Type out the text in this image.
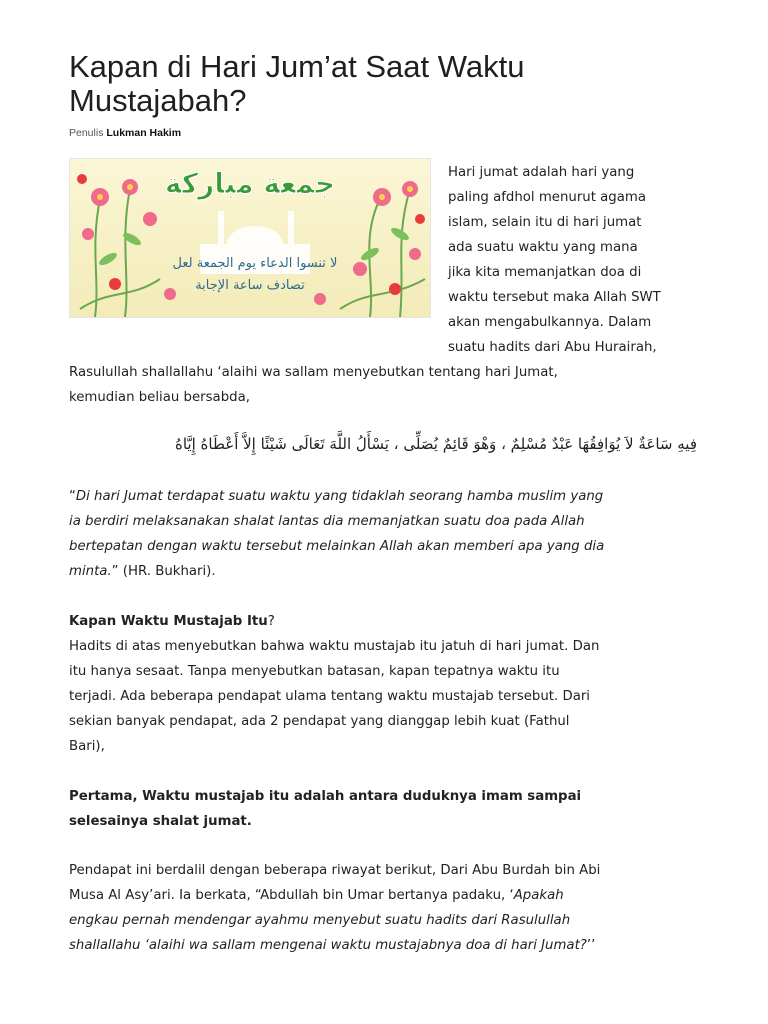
Kapan di Hari Jum’at Saat Waktu Mustajabah?
Penulis Lukman Hakim
جمعة مباركة
لا تنسوا الدعاء يوم الجمعة لعل
تصادف ساعة الإجابة
Hari jumat adalah hari yang
paling afdhol menurut agama
islam, selain itu di hari jumat
ada suatu waktu yang mana
jika kita memanjatkan doa di
waktu tersebut maka Allah SWT
akan mengabulkannya. Dalam
suatu hadits dari Abu Hurairah,
Rasulullah shallallahu ‘alaihi wa sallam menyebutkan tentang hari Jumat,
kemudian beliau bersabda,
فِيهِ سَاعَةٌ لاَ يُوَافِقُهَا عَبْدٌ مُسْلِمٌ ، وَهْوَ قَائِمٌ يُصَلِّى ، يَسْأَلُ اللَّهَ تَعَالَى شَيْئًا إِلاَّ أَعْطَاهُ إِيَّاهُ
“Di hari Jumat terdapat suatu waktu yang tidaklah seorang hamba muslim yang
ia berdiri melaksanakan shalat lantas dia memanjatkan suatu doa pada Allah
bertepatan dengan waktu tersebut melainkan Allah akan memberi apa yang dia
minta.” (HR. Bukhari).
Kapan Waktu Mustajab Itu?
Hadits di atas menyebutkan bahwa waktu mustajab itu jatuh di hari jumat. Dan
itu hanya sesaat. Tanpa menyebutkan batasan, kapan tepatnya waktu itu
terjadi. Ada beberapa pendapat ulama tentang waktu mustajab tersebut. Dari
sekian banyak pendapat, ada 2 pendapat yang dianggap lebih kuat (Fathul
Bari),
Pertama, Waktu mustajab itu adalah antara duduknya imam sampai
selesainya shalat jumat.
Pendapat ini berdalil dengan beberapa riwayat berikut, Dari Abu Burdah bin Abi
Musa Al Asy’ari. Ia berkata, “Abdullah bin Umar bertanya padaku, ‘Apakah
engkau pernah mendengar ayahmu menyebut suatu hadits dari Rasulullah
shallallahu ‘alaihi wa sallam mengenai waktu mustajabnya doa di hari Jumat?’’
